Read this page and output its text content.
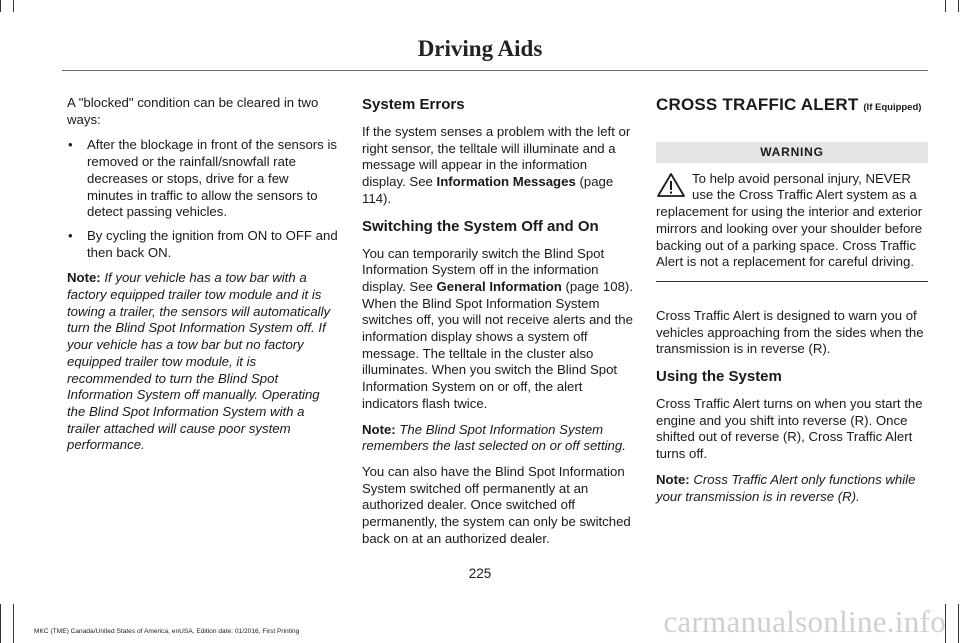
Driving Aids

A "blocked" condition can be cleared in two ways:

• After the blockage in front of the sensors is removed or the rainfall/snowfall rate decreases or stops, drive for a few minutes in traffic to allow the sensors to detect passing vehicles.
• By cycling the ignition from ON to OFF and then back ON.

Note: If your vehicle has a tow bar with a factory equipped trailer tow module and it is towing a trailer, the sensors will automatically turn the Blind Spot Information System off. If your vehicle has a tow bar but no factory equipped trailer tow module, it is recommended to turn the Blind Spot Information System off manually. Operating the Blind Spot Information System with a trailer attached will cause poor system performance.

System Errors

If the system senses a problem with the left or right sensor, the telltale will illuminate and a message will appear in the information display. See Information Messages (page 114).

Switching the System Off and On

You can temporarily switch the Blind Spot Information System off in the information display. See General Information (page 108). When the Blind Spot Information System switches off, you will not receive alerts and the information display shows a system off message. The telltale in the cluster also illuminates. When you switch the Blind Spot Information System on or off, the alert indicators flash twice.

Note: The Blind Spot Information System remembers the last selected on or off setting.

You can also have the Blind Spot Information System switched off permanently at an authorized dealer. Once switched off permanently, the system can only be switched back on at an authorized dealer.

CROSS TRAFFIC ALERT (If Equipped)
WARNING

To help avoid personal injury, NEVER use the Cross Traffic Alert system as a replacement for using the interior and exterior mirrors and looking over your shoulder before backing out of a parking space. Cross Traffic Alert is not a replacement for careful driving.

Cross Traffic Alert is designed to warn you of vehicles approaching from the sides when the transmission is in reverse (R).

Using the System

Cross Traffic Alert turns on when you start the engine and you shift into reverse (R). Once shifted out of reverse (R), Cross Traffic Alert turns off.

Note: Cross Traffic Alert only functions while your transmission is in reverse (R).

225
MKC (TME) Canada/United States of America, enUSA, Edition date: 01/2016, First Printing	carmanualsonline.info
